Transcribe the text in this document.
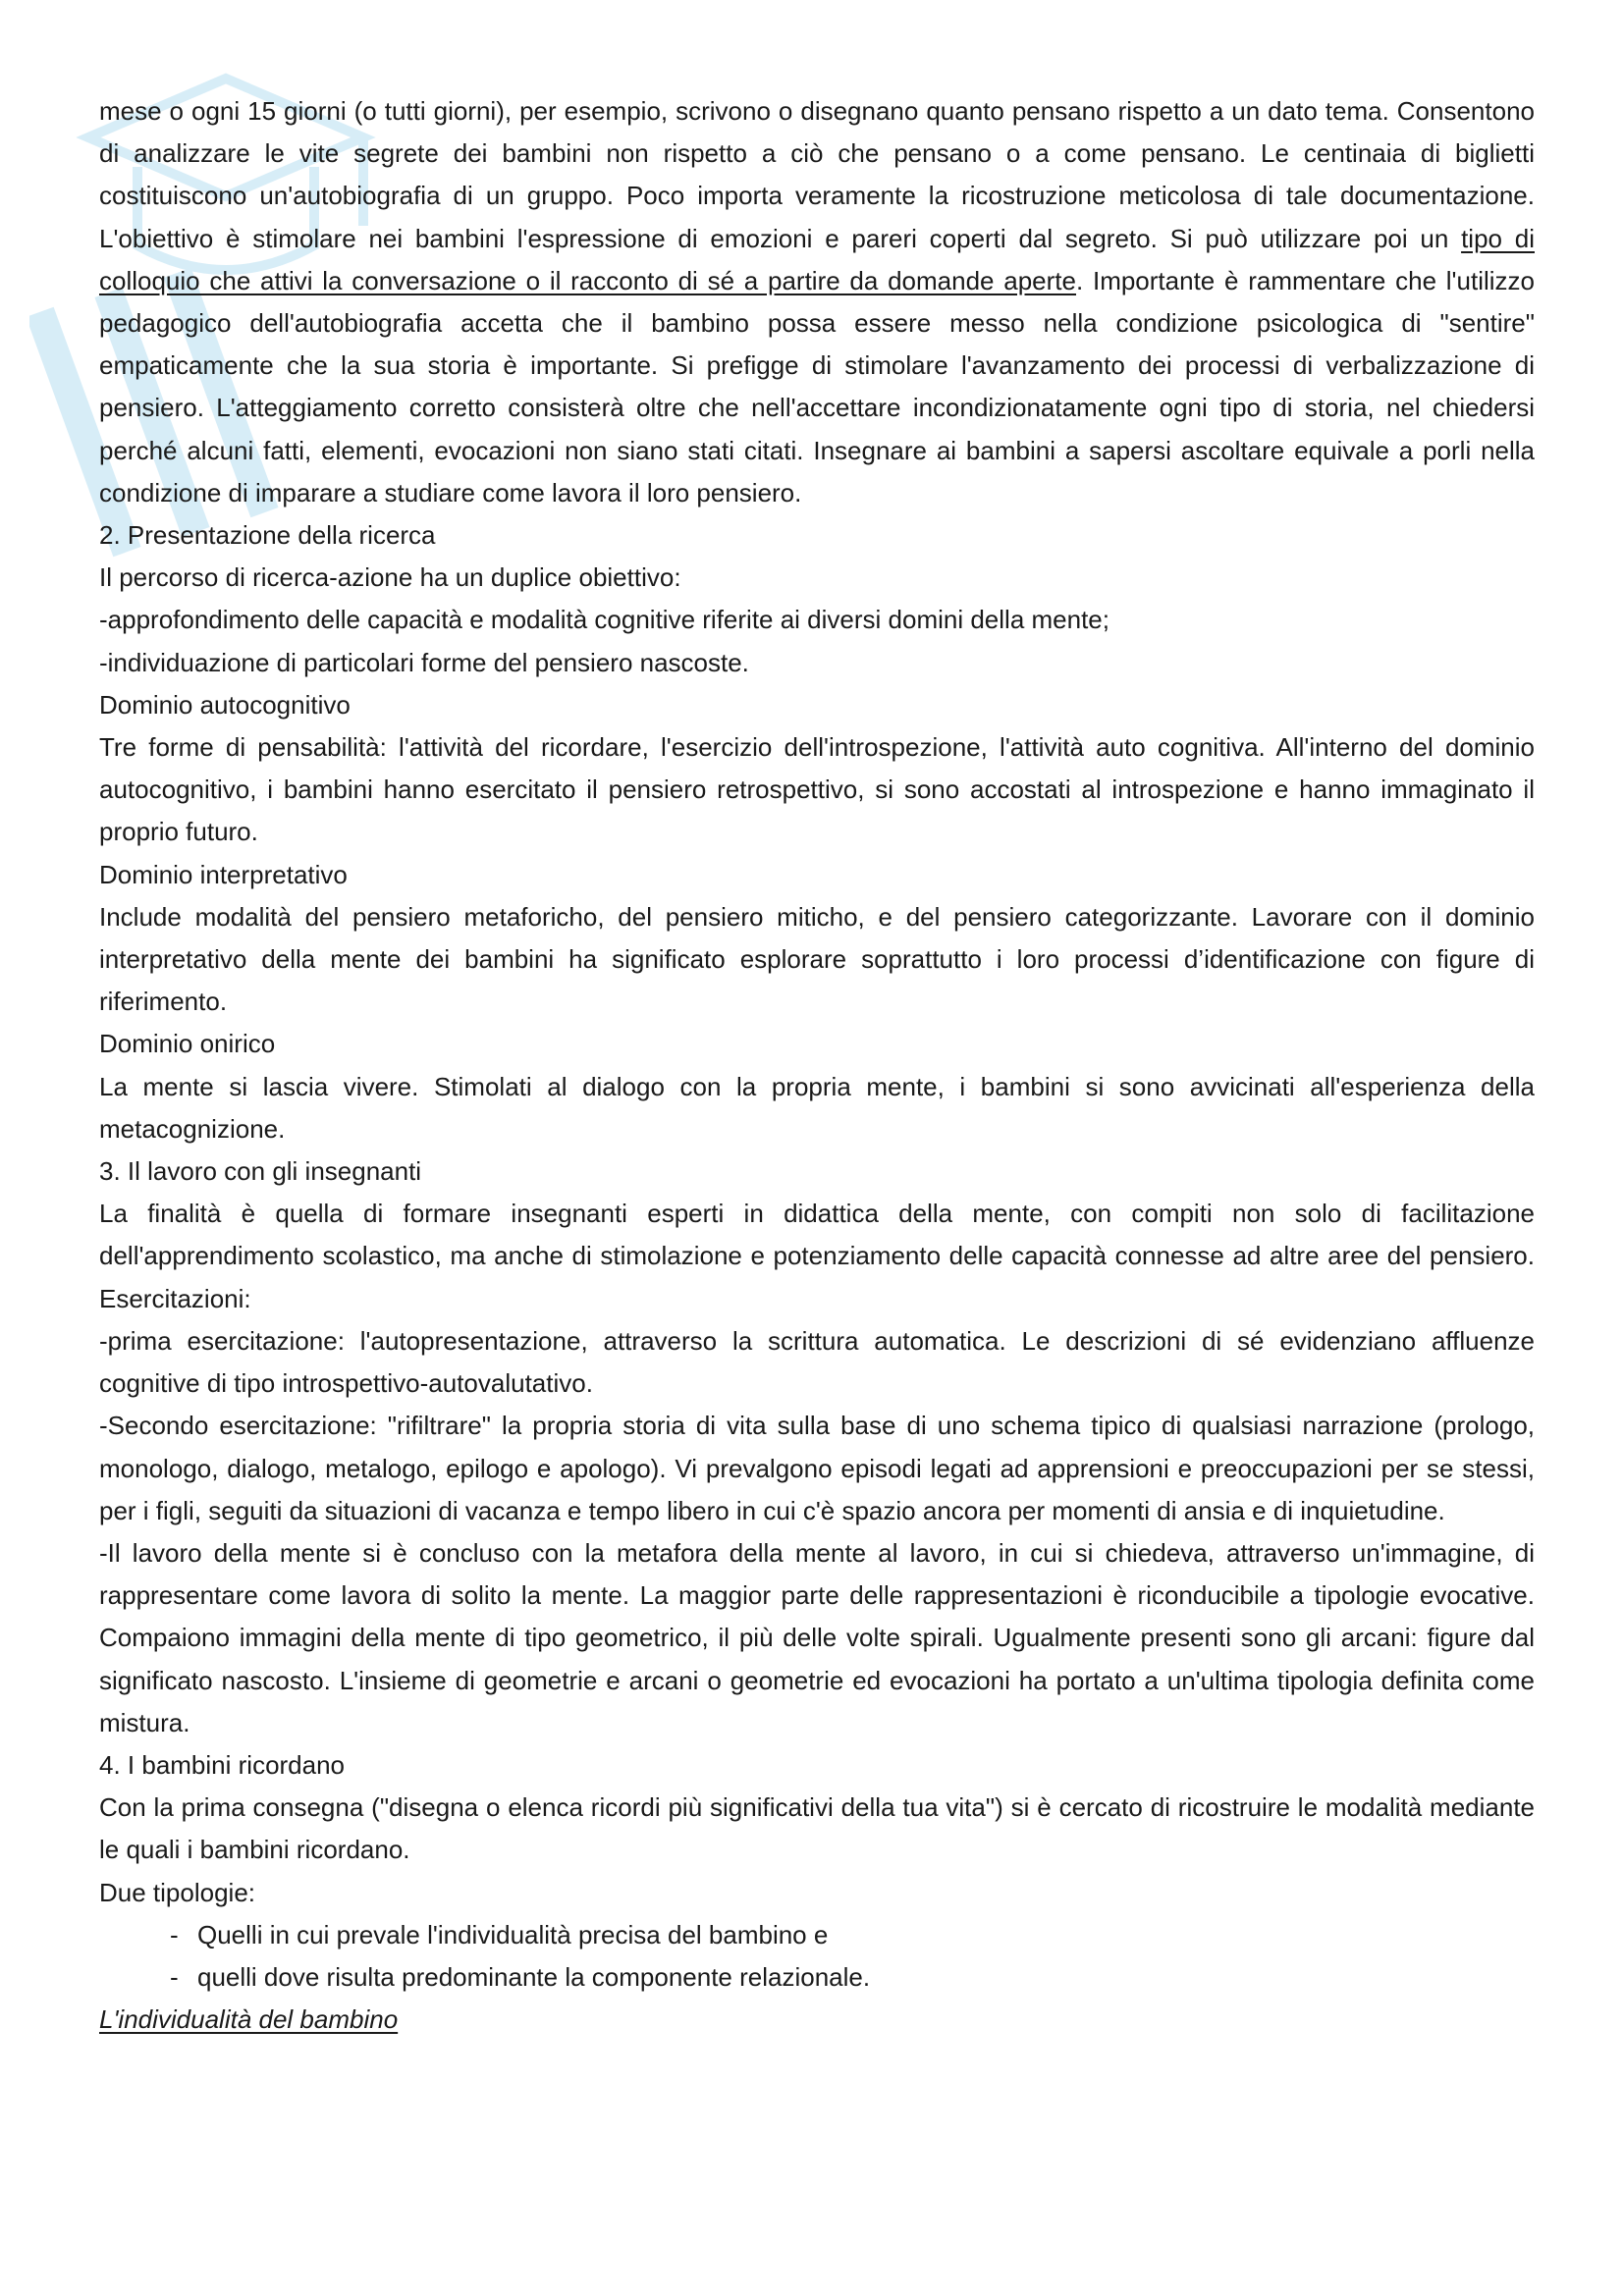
mese o ogni 15 giorni (o tutti giorni), per esempio, scrivono o disegnano quanto pensano rispetto a un dato tema. Consentono di analizzare le vite segrete dei bambini non rispetto a ciò che pensano o a come pensano. Le centinaia di biglietti costituiscono un'autobiografia di un gruppo. Poco importa veramente la ricostruzione meticolosa di tale documentazione. L'obiettivo è stimolare nei bambini l'espressione di emozioni e pareri coperti dal segreto. Si può utilizzare poi un tipo di colloquio che attivi la conversazione o il racconto di sé a partire da domande aperte. Importante è rammentare che l'utilizzo pedagogico dell'autobiografia accetta che il bambino possa essere messo nella condizione psicologica di "sentire" empaticamente che la sua storia è importante. Si prefigge di stimolare l'avanzamento dei processi di verbalizzazione di pensiero. L'atteggiamento corretto consisterà oltre che nell'accettare incondizionatamente ogni tipo di storia, nel chiedersi perché alcuni fatti, elementi, evocazioni non siano stati citati. Insegnare ai bambini a sapersi ascoltare equivale a porli nella condizione di imparare a studiare come lavora il loro pensiero.

2. Presentazione della ricerca

Il percorso di ricerca-azione ha un duplice obiettivo:

-approfondimento delle capacità e modalità cognitive riferite ai diversi domini della mente;

-individuazione di particolari forme del pensiero nascoste.

Dominio autocognitivo

Tre forme di pensabilità: l'attività del ricordare, l'esercizio dell'introspezione, l'attività auto cognitiva. All'interno del dominio autocognitivo, i bambini hanno esercitato il pensiero retrospettivo, si sono accostati al introspezione e hanno immaginato il proprio futuro.

Dominio interpretativo

Include modalità del pensiero metaforicho, del pensiero mitichо, e del pensiero categorizzante. Lavorare con il dominio interpretativo della mente dei bambini ha significato esplorare soprattutto i loro processi d’identificazione con figure di riferimento.

Dominio onirico

La mente si lascia vivere. Stimolati al dialogo con la propria mente, i bambini si sono avvicinati all'esperienza della metacognizione.

3. Il lavoro con gli insegnanti

La finalità è quella di formare insegnanti esperti in didattica della mente, con compiti non solo di facilitazione dell'apprendimento scolastico, ma anche di stimolazione e potenziamento delle capacità connesse ad altre aree del pensiero. Esercitazioni:

-prima esercitazione: l'autopresentazione, attraverso la scrittura automatica. Le descrizioni di sé evidenziano affluenze cognitive di tipo introspettivo-autovalutativo.

-Secondo esercitazione: "rifiltrare" la propria storia di vita sulla base di uno schema tipico di qualsiasi narrazione (prologo, monologo, dialogo, metalogo, epilogo e apologo). Vi prevalgono episodi legati ad apprensioni e preoccupazioni per se stessi, per i figli, seguiti da situazioni di vacanza e tempo libero in cui c'è spazio ancora per momenti di ansia e di inquietudine.

-Il lavoro della mente si è concluso con la metafora della mente al lavoro, in cui si chiedeva, attraverso un'immagine, di rappresentare come lavora di solito la mente. La maggior parte delle rappresentazioni è riconducibile a tipologie evocative. Compaiono immagini della mente di tipo geometrico, il più delle volte spirali. Ugualmente presenti sono gli arcani: figure dal significato nascosto. L'insieme di geometrie e arcani o geometrie ed evocazioni ha portato a un'ultima tipologia definita come mistura.

4. I bambini ricordano

Con la prima consegna ("disegna o elenca ricordi più significativi della tua vita") si è cercato di ricostruire le modalità mediante le quali i bambini ricordano.

Due tipologie:

- Quelli in cui prevale l'individualità precisa del bambino e
- quelli dove risulta predominante la componente relazionale.

L'individualità del bambino
